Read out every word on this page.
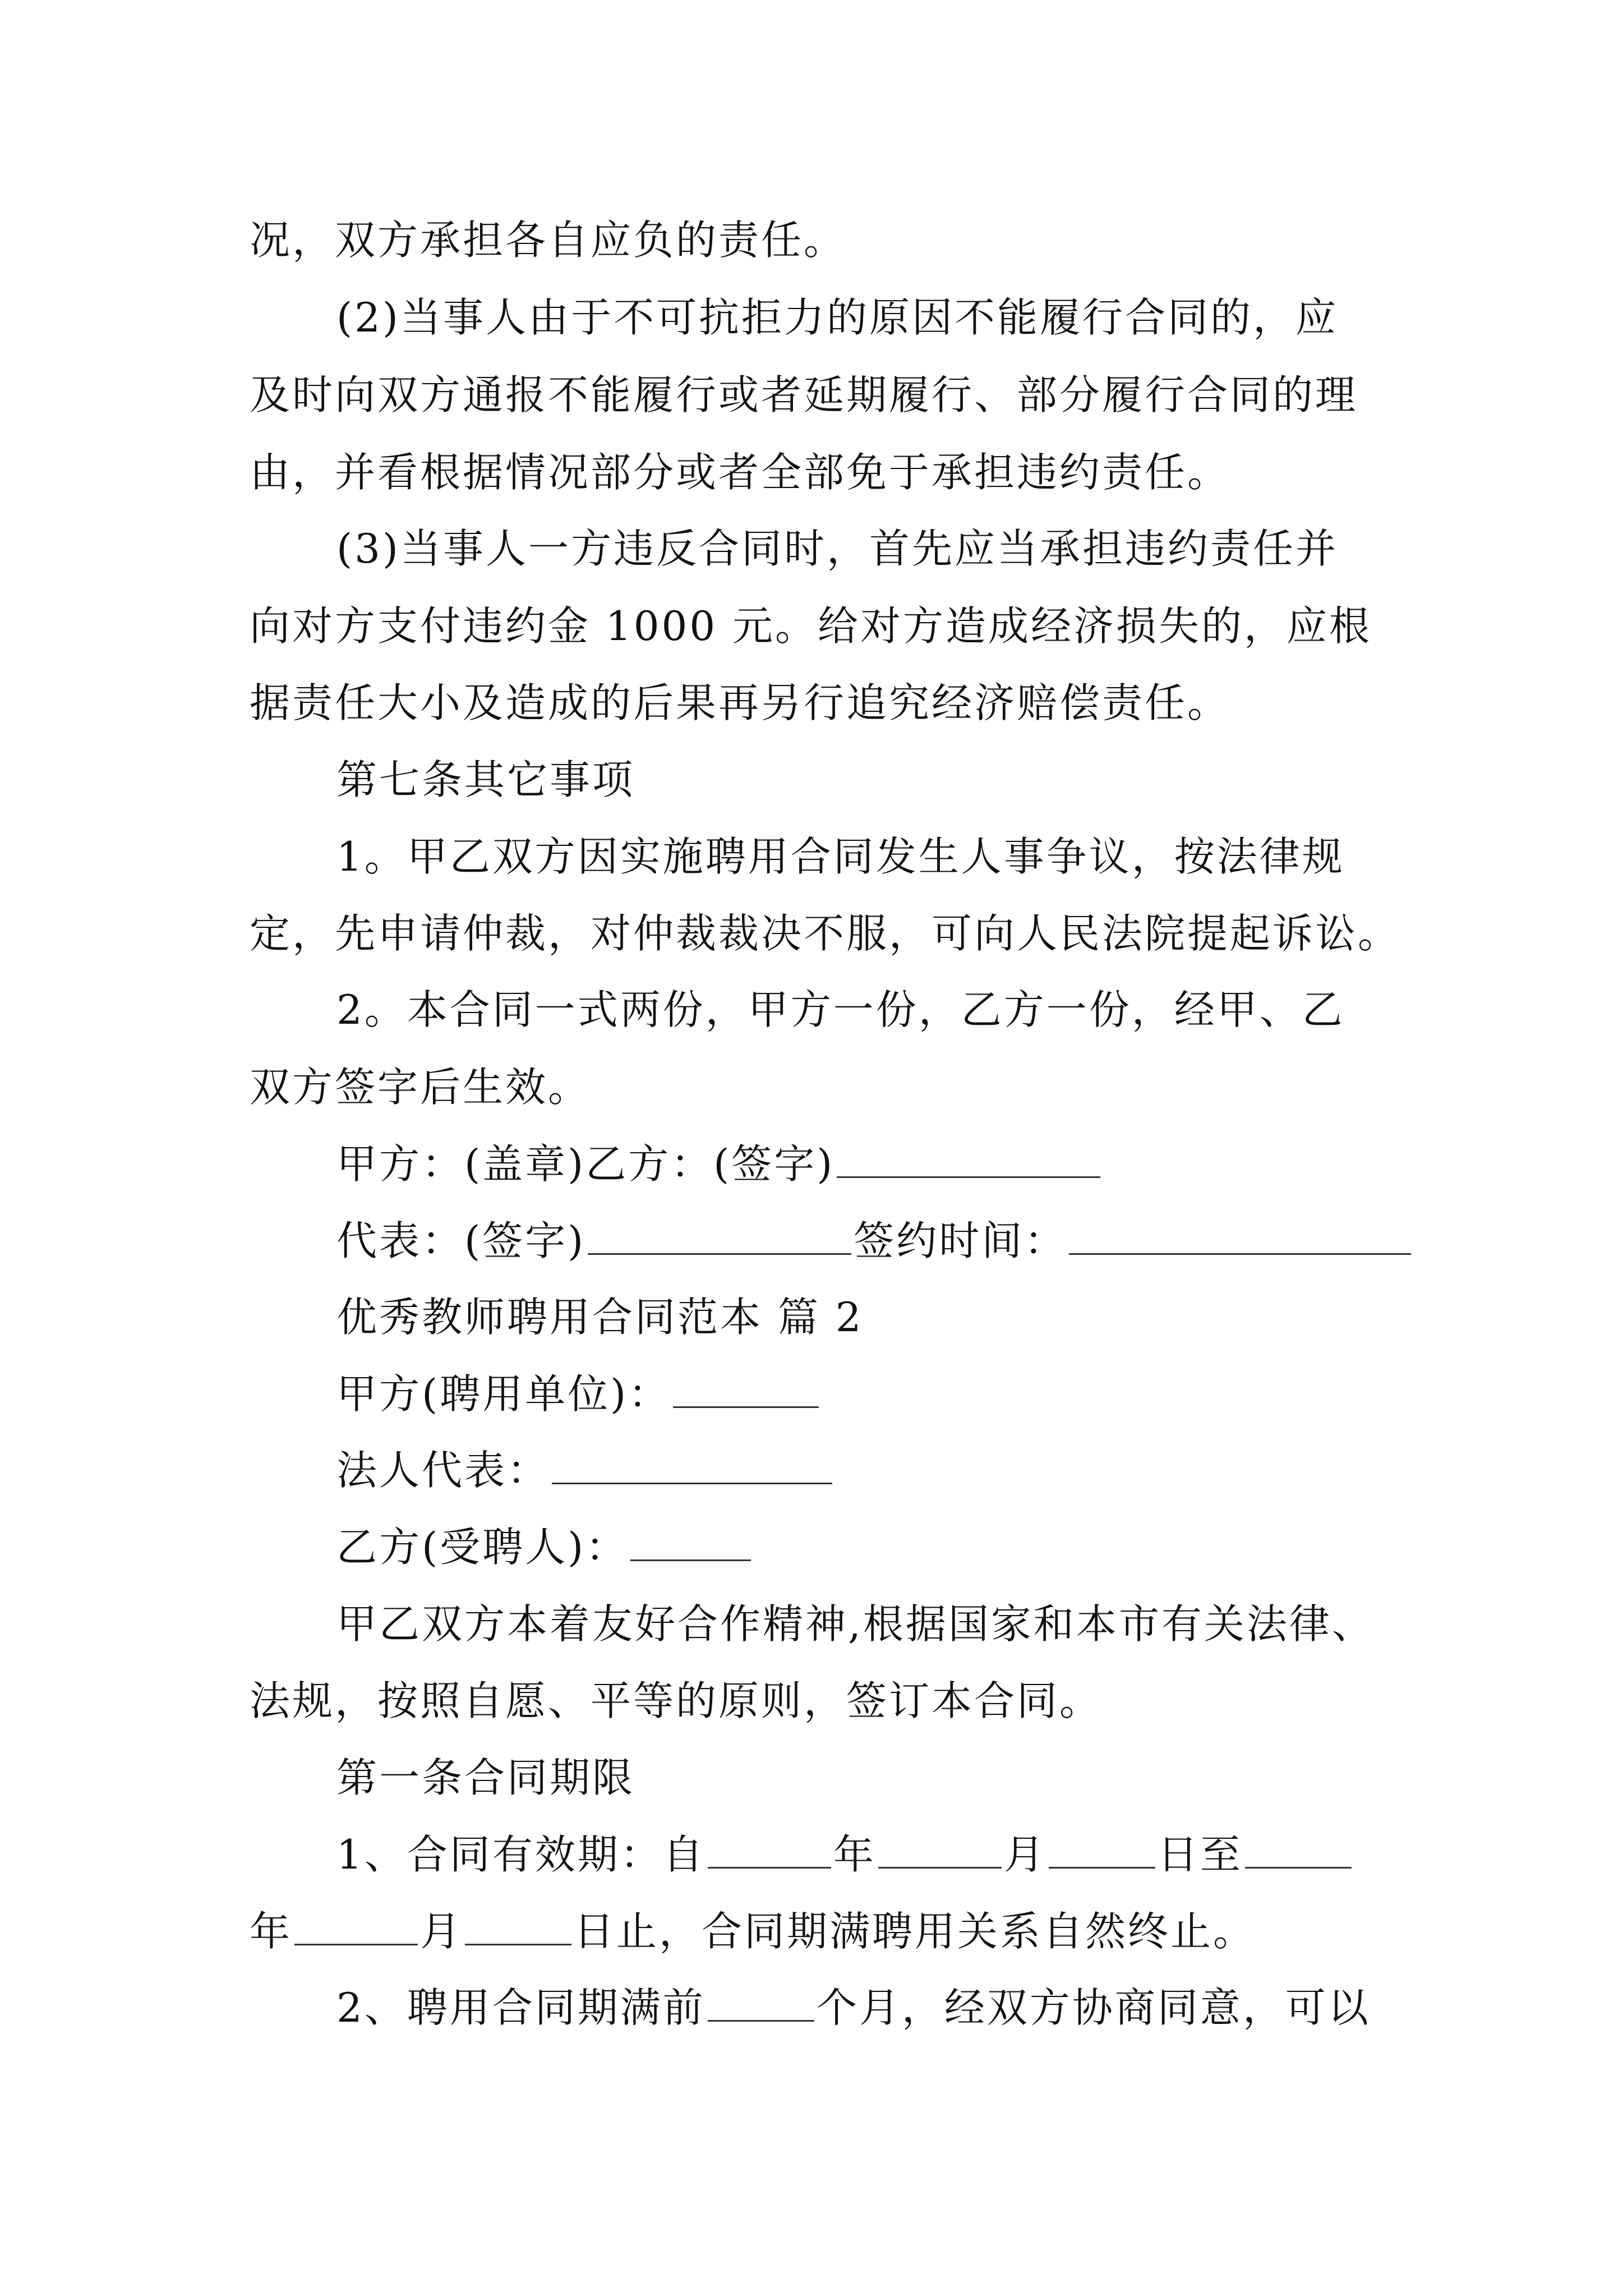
况，双方承担各自应负的责任。
(2)当事人由于不可抗拒力的原因不能履行合同的，应
及时向双方通报不能履行或者延期履行、部分履行合同的理
由，并看根据情况部分或者全部免于承担违约责任。
(3)当事人一方违反合同时，首先应当承担违约责任并
向对方支付违约金 1000 元。给对方造成经济损失的，应根
据责任大小及造成的后果再另行追究经济赔偿责任。
第七条其它事项
1。甲乙双方因实施聘用合同发生人事争议，按法律规
定，先申请仲裁，对仲裁裁决不服，可向人民法院提起诉讼。
2。本合同一式两份，甲方一份，乙方一份，经甲、乙
双方签字后生效。
甲方：(盖章)乙方：(签字)
代表：(签字)	签约时间：
优秀教师聘用合同范本 篇 2
甲方(聘用单位)：
法人代表：
乙方(受聘人)：
甲乙双方本着友好合作精神,根据国家和本市有关法律、
法规，按照自愿、平等的原则，签订本合同。
第一条合同期限
1、合同有效期：自	年	月	日至
年	月	日止，合同期满聘用关系自然终止。
2、聘用合同期满前	个月，经双方协商同意，可以
